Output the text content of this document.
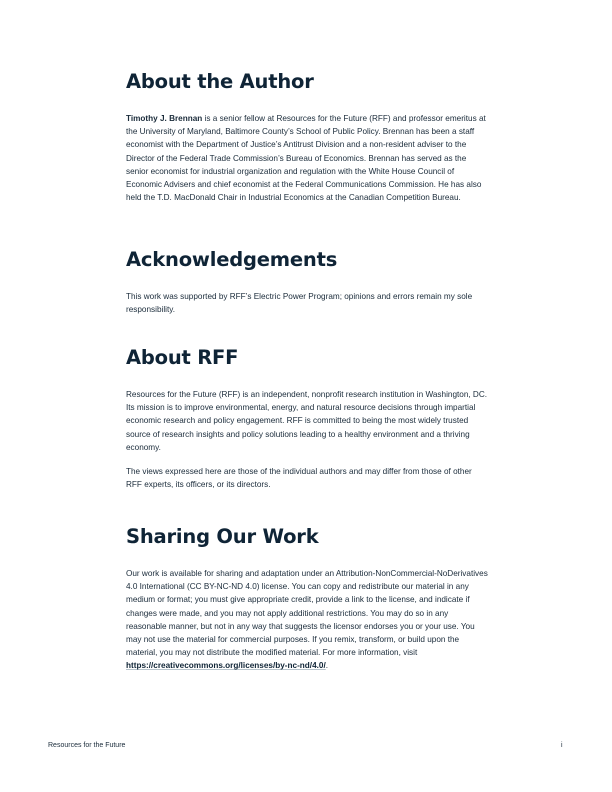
About the Author

Timothy J. Brennan is a senior fellow at Resources for the Future (RFF) and professor emeritus at the University of Maryland, Baltimore County’s School of Public Policy. Brennan has been a staff economist with the Department of Justice’s Antitrust Division and a non-resident adviser to the Director of the Federal Trade Commission’s Bureau of Economics. Brennan has served as the senior economist for industrial organization and regulation with the White House Council of Economic Advisers and chief economist at the Federal Communications Commission. He has also held the T.D. MacDonald Chair in Industrial Economics at the Canadian Competition Bureau.

Acknowledgements

This work was supported by RFF’s Electric Power Program; opinions and errors remain my sole responsibility.

About RFF

Resources for the Future (RFF) is an independent, nonprofit research institution in Washington, DC. Its mission is to improve environmental, energy, and natural resource decisions through impartial economic research and policy engagement. RFF is committed to being the most widely trusted source of research insights and policy solutions leading to a healthy environment and a thriving economy.

The views expressed here are those of the individual authors and may differ from those of other RFF experts, its officers, or its directors.

Sharing Our Work

Our work is available for sharing and adaptation under an Attribution-NonCommercial-NoDerivatives 4.0 International (CC BY-NC-ND 4.0) license. You can copy and redistribute our material in any medium or format; you must give appropriate credit, provide a link to the license, and indicate if changes were made, and you may not apply additional restrictions. You may do so in any reasonable manner, but not in any way that suggests the licensor endorses you or your use. You may not use the material for commercial purposes. If you remix, transform, or build upon the material, you may not distribute the modified material. For more information, visit https://creativecommons.org/licenses/by-nc-nd/4.0/.

Resources for the Future	i
